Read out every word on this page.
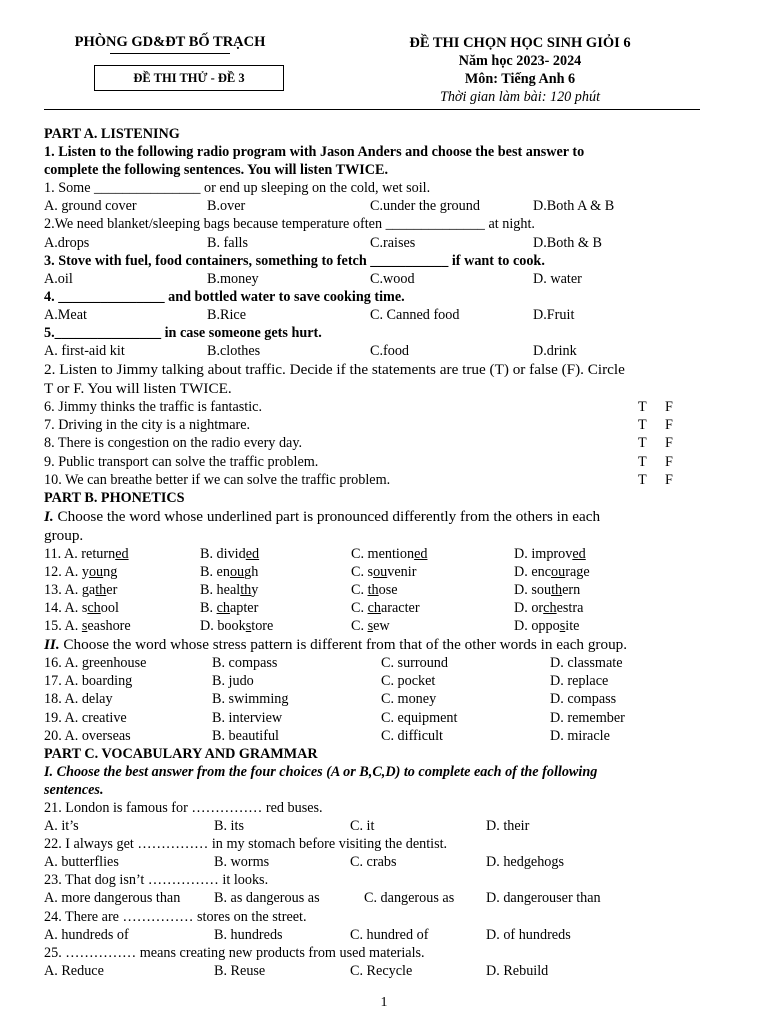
PHÒNG GD&ĐT BỐ TRẠCH
ĐỀ THI THỬ - ĐỀ 3
ĐỀ THI CHỌN HỌC SINH GIỎI 6
Năm học 2023- 2024
Môn: Tiếng Anh 6
Thời gian làm bài: 120 phút
PART A. LISTENING
1. Listen to the following radio program with Jason Anders and choose the best answer to
complete the following sentences. You will listen TWICE.
1. Some _______________ or end up sleeping on the cold, wet soil.
A. ground cover	B.over	C.under the ground	D.Both A & B

2.We need blanket/sleeping bags because temperature often ______________ at night.
A.drops	B. falls	C.raises	D.Both & B

3. Stove with fuel, food containers, something to fetch ___________ if want to cook.
A.oil	B.money	C.wood	D. water

4. _______________ and bottled water to save cooking time.
A.Meat	B.Rice	C. Canned food	D.Fruit

5._______________ in case someone gets hurt.
A. first-aid kit	B.clothes	C.food	D.drink

2. Listen to Jimmy talking about traffic. Decide if the statements are true (T) or false (F). Circle
T or F. You will listen TWICE.
6. Jimmy thinks the traffic is fantastic.	T F
7. Driving in the city is a nightmare.	T F
8. There is congestion on the radio every day.	T F
9. Public transport can solve the traffic problem.	T F
10. We can breathe better if we can solve the traffic problem.	T F
PART B. PHONETICS
I. Choose the word whose underlined part is pronounced differently from the others in each
group.
11. A. returned	B. divided	C. mentioned	D. improved

12. A. young	B. enough	C. souvenir	D. encourage

13. A. gather	B. healthy	C. those	D. southern

14. A. school	B. chapter	C. character	D. orchestra

15. A. seashore	D. bookstore	C. sew	D. opposite

II. Choose the word whose stress pattern is different from that of the other words in each group.
16. A. greenhouse	B. compass	C. surround	D. classmate

17. A. boarding	B. judo	C. pocket	D. replace

18. A. delay	B. swimming	C. money	D. compass

19. A. creative	B. interview	C. equipment	D. remember

20. A. overseas	B. beautiful	C. difficult	D. miracle

PART C. VOCABULARY AND GRAMMAR
I. Choose the best answer from the four choices (A or B,C,D) to complete each of the following
sentences.
21. London is famous for …………… red buses.
A. it’s	B. its	C. it	D. their

22. I always get …………… in my stomach before visiting the dentist.
A. butterflies	B. worms	C. crabs	D. hedgehogs

23. That dog isn’t …………… it looks.
A. more dangerous than B. as dangerous as	C. dangerous as D. dangerouser than

24. There are …………… stores on the street.
A. hundreds of	B. hundreds	C. hundred of	D. of hundreds

25. …………… means creating new products from used materials.
A. Reduce	B. Reuse	C. Recycle	D. Rebuild

1
